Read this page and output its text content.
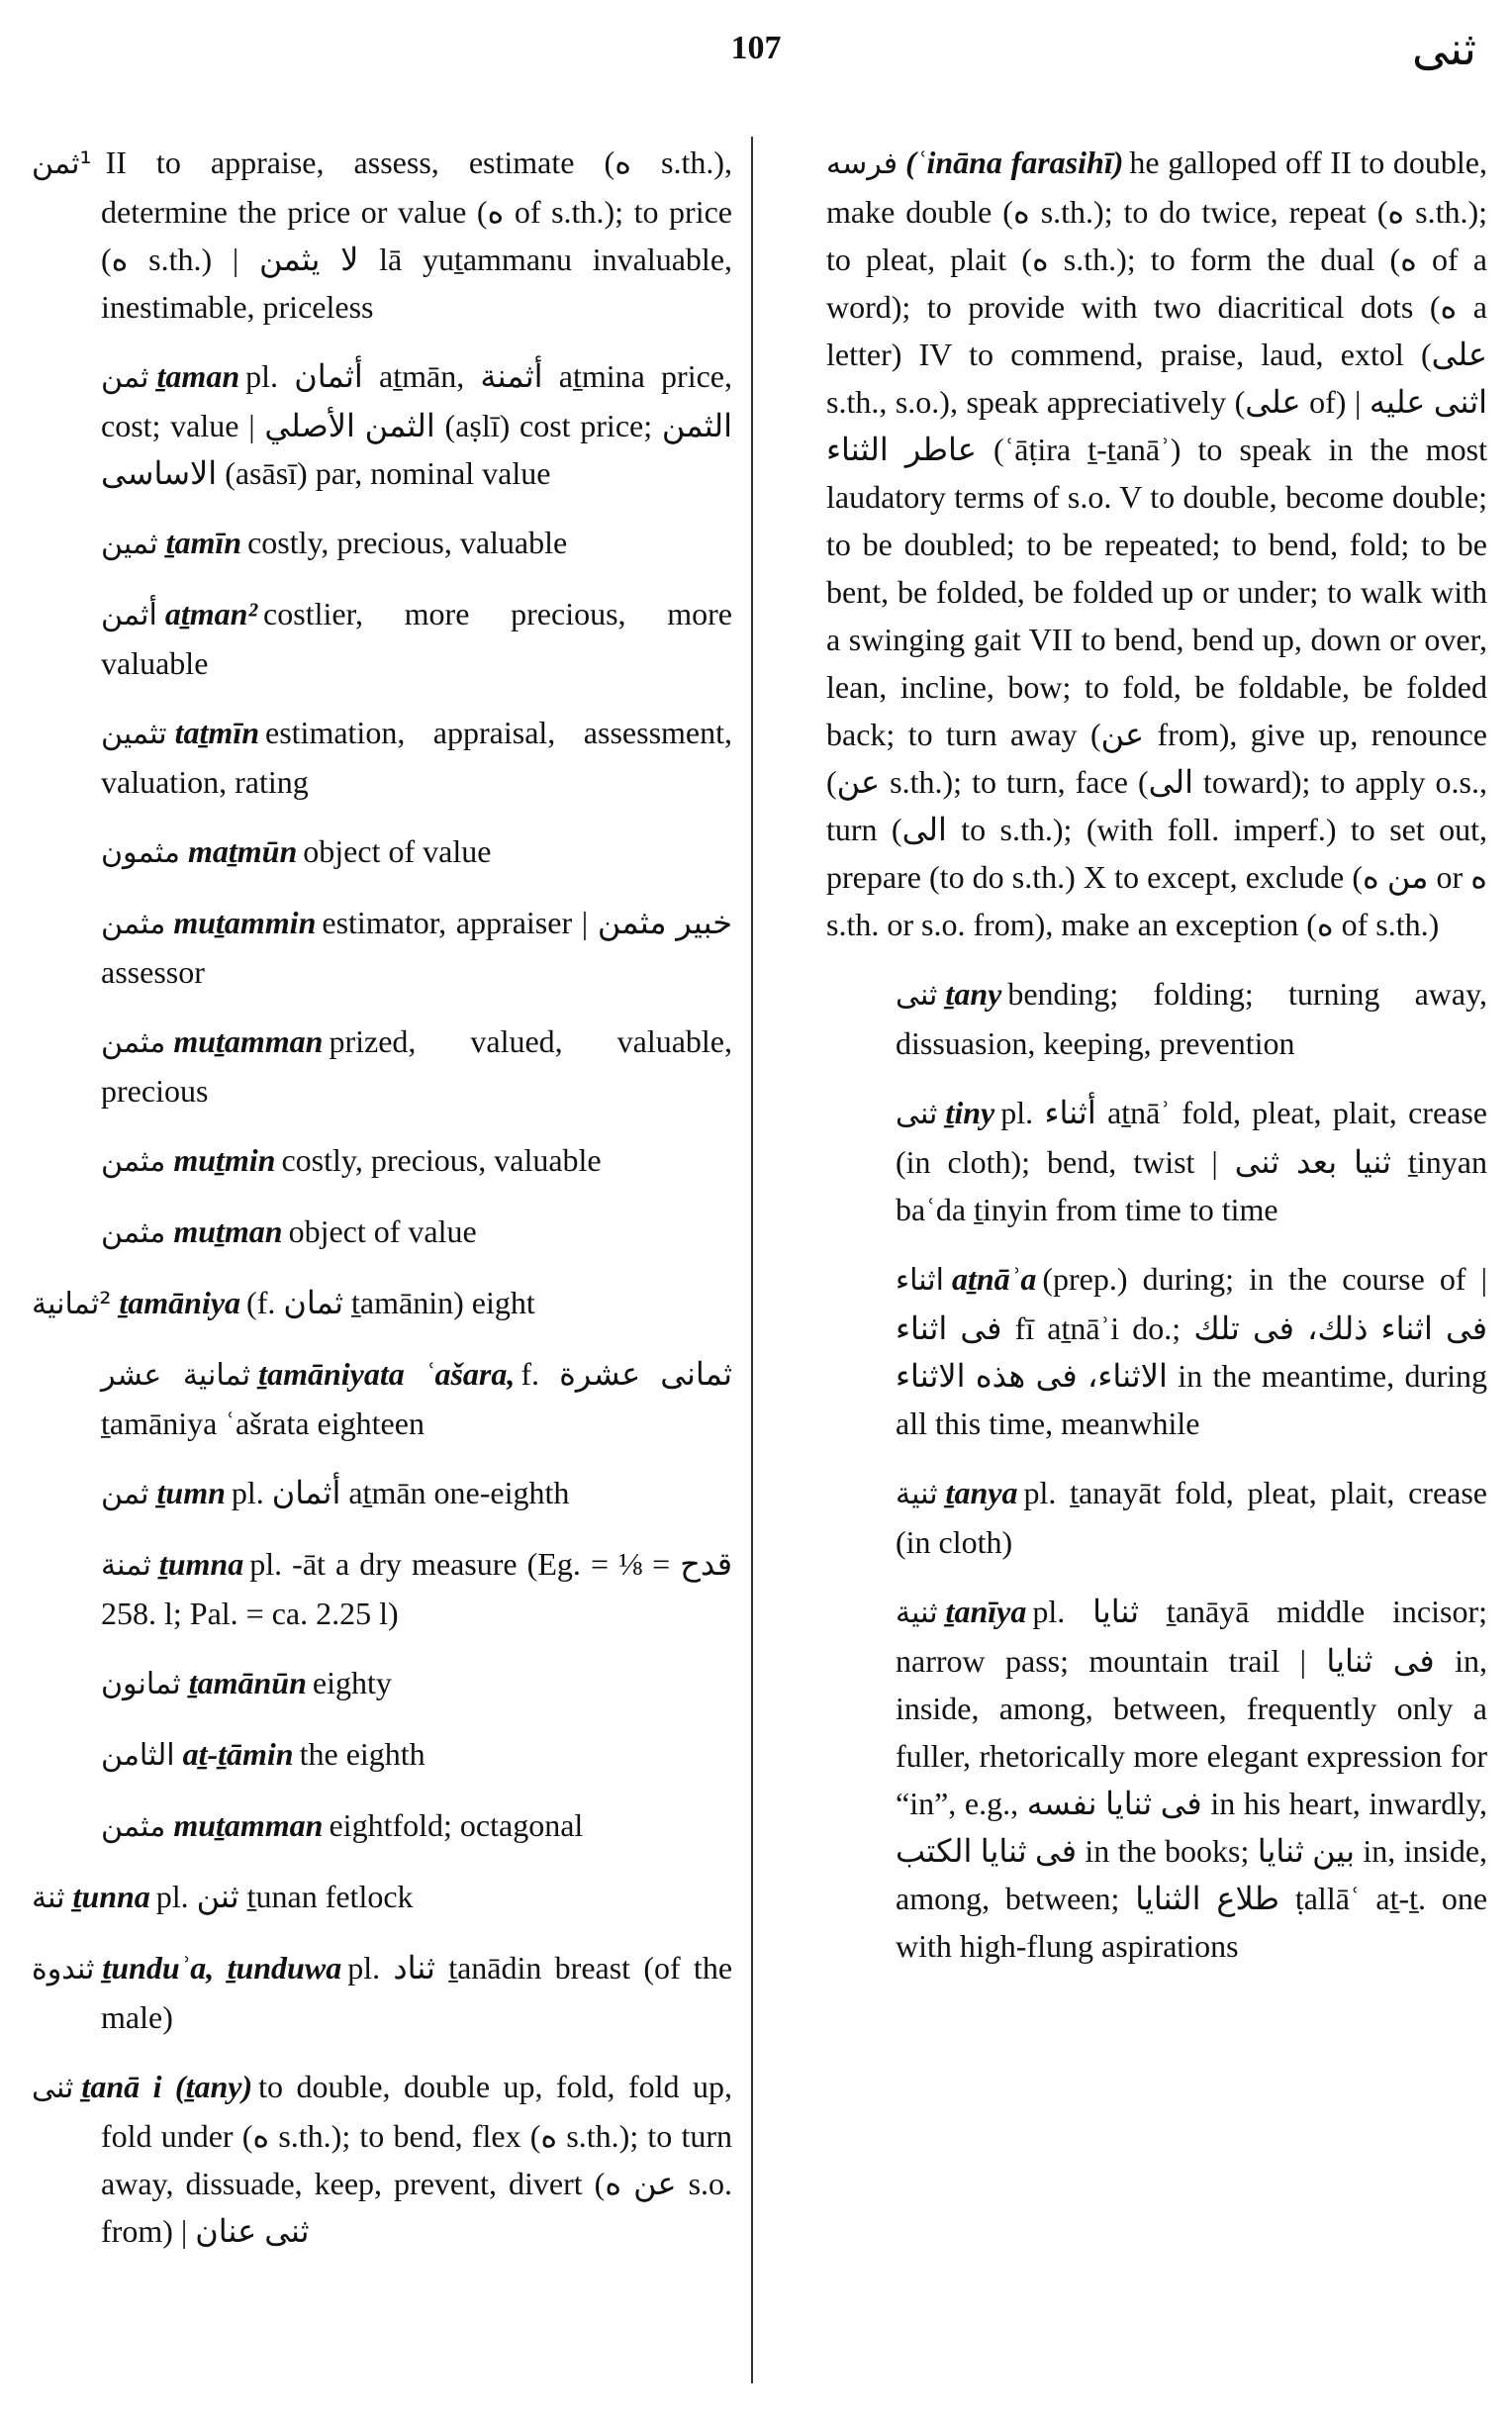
107	ثنى
¹ثمن II to appraise, assess, estimate (ه s.th.), determine the price or value (ه of s.th.); to price (ه s.th.) | لا يثمن lā yuṯammanu invaluable, inestimable, priceless
ثمن ṯaman pl. أثمان aṯmān, أثمنة aṯmina price, cost; value | الثمن الأصلي (aṣlī) cost price; الثمن الاساسى (asāsī) par, nominal value
ثمين ṯamīn costly, precious, valuable
أثمن aṯman² costlier, more precious, more valuable
تثمين taṯmīn estimation, appraisal, assessment, valuation, rating
مثمون maṯmūn object of value
مثمن muṯammin estimator, appraiser | خبير مثمن assessor
مثمن muṯamman prized, valued, valuable, precious
مثمن muṯmin costly, precious, valuable
مثمن muṯman object of value
²ثمانية ṯamāniya (f. ثمان ṯamānin) eight
ثمانية عشر ṯamāniyata ʿašara, f. ثمانى عشرة ṯamāniya ʿašrata eighteen
ثمن ṯumn pl. أثمان aṯmān one-eighth
ثمنة ṯumna pl. -āt a dry measure (Eg. = ⅛ قدح = .258 l; Pal. = ca. 2.25 l)
ثمانون ṯamānūn eighty
الثامن aṯ-ṯāmin the eighth
مثمن muṯamman eightfold; octagonal
ثنة ṯunna pl. ثنن ṯunan fetlock
ثندوة ṯunduʾa, ṯunduwa pl. ثناد ṯanādin breast (of the male)
ثنى ṯanā i (ṯany) to double, double up, fold, fold up, fold under (ه s.th.); to bend, flex (ه s.th.); to turn away, dissuade, keep, prevent, divert (عن ه s.o. from) | ثنى عنان
فرسه (ʿināna farasihī) he galloped off II to double, make double (ه s.th.); to do twice, repeat (ه s.th.); to pleat, plait (ه s.th.); to form the dual (ه of a word); to provide with two diacritical dots (ه a letter) IV to commend, praise, laud, extol (على s.th., s.o.), speak appreciatively (على of) | اثنى عليه عاطر الثناء (ʿāṭira ṯ-ṯanāʾ) to speak in the most laudatory terms of s.o. V to double, become double; to be doubled; to be repeated; to bend, fold; to be bent, be folded, be folded up or under; to walk with a swinging gait VII to bend, bend up, down or over, lean, incline, bow; to fold, be foldable, be folded back; to turn away (عن from), give up, renounce (عن s.th.); to turn, face (الى toward); to apply o.s., turn (الى to s.th.); (with foll. imperf.) to set out, prepare (to do s.th.) X to except, exclude (من ه or ه s.th. or s.o. from), make an exception (ه of s.th.)
ثنى ṯany bending; folding; turning away, dissuasion, keeping, prevention
ثنى ṯiny pl. أثناء aṯnāʾ fold, pleat, plait, crease (in cloth); bend, twist | ثنيا بعد ثنى ṯinyan baʿda ṯinyin from time to time
اثناء aṯnāʾa (prep.) during; in the course of | فى اثناء fī aṯnāʾi do.; فى اثناء ذلك، فى تلك الاثناء، فى هذه الاثناء in the meantime, during all this time, meanwhile
ثنية ṯanya pl. ṯanayāt fold, pleat, plait, crease (in cloth)
ثنية ṯanīya pl. ثنايا ṯanāyā middle incisor; narrow pass; mountain trail | فى ثنايا in, inside, among, between, frequently only a fuller, rhetorically more elegant expression for “in”, e.g., فى ثنايا نفسه in his heart, inwardly, فى ثنايا الكتب in the books; بين ثنايا in, inside, among, between; طلاع الثنايا ṭallāʿ aṯ-ṯ. one with high-flung aspirations
